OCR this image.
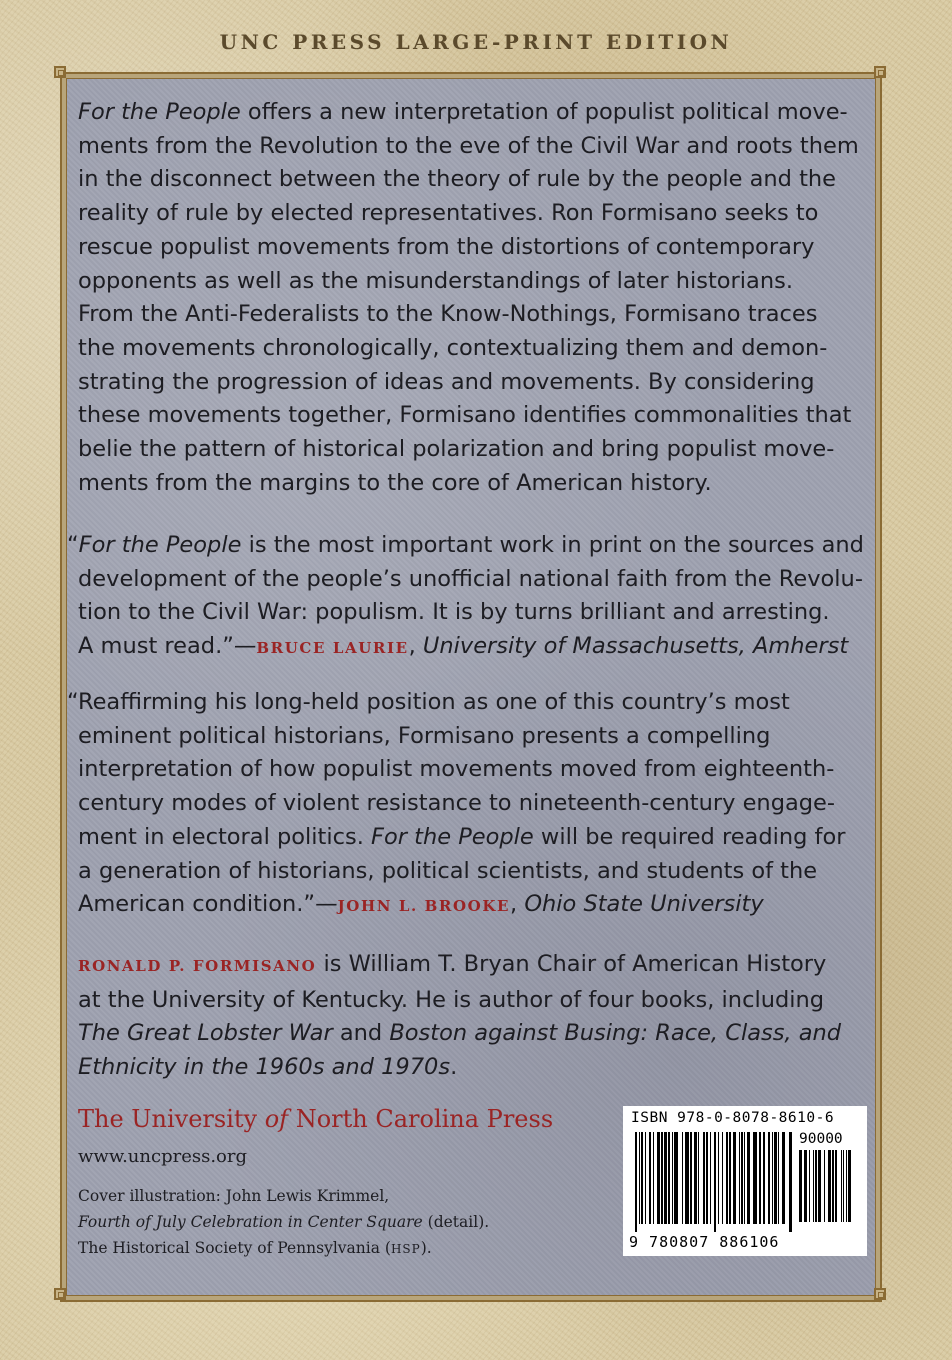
UNC PRESS LARGE-PRINT EDITION
For the People offers a new interpretation of populist political move-
ments from the Revolution to the eve of the Civil War and roots them
in the disconnect between the theory of rule by the people and the
reality of rule by elected representatives. Ron Formisano seeks to
rescue populist movements from the distortions of contemporary
opponents as well as the misunderstandings of later historians.
From the Anti-Federalists to the Know-Nothings, Formisano traces
the movements chronologically, contextualizing them and demon-
strating the progression of ideas and movements. By considering
these movements together, Formisano identifies commonalities that
belie the pattern of historical polarization and bring populist move-
ments from the margins to the core of American history.
“For the People is the most important work in print on the sources and
development of the people’s unofficial national faith from the Revolu-
tion to the Civil War: populism. It is by turns brilliant and arresting.
A must read.”—BRUCE LAURIE, University of Massachusetts, Amherst
“Reaffirming his long-held position as one of this country’s most
eminent political historians, Formisano presents a compelling
interpretation of how populist movements moved from eighteenth-
century modes of violent resistance to nineteenth-century engage-
ment in electoral politics. For the People will be required reading for
a generation of historians, political scientists, and students of the
American condition.”—JOHN L. BROOKE, Ohio State University
RONALD P. FORMISANO is William T. Bryan Chair of American History
at the University of Kentucky. He is author of four books, including
The Great Lobster War and Boston against Busing: Race, Class, and
Ethnicity in the 1960s and 1970s.
The University of North Carolina Press
www.uncpress.org
Cover illustration: John Lewis Krimmel,
Fourth of July Celebration in Center Square (detail).
The Historical Society of Pennsylvania (HSP).
ISBN 978-0-8078-8610-6
90000
9 780807 886106
